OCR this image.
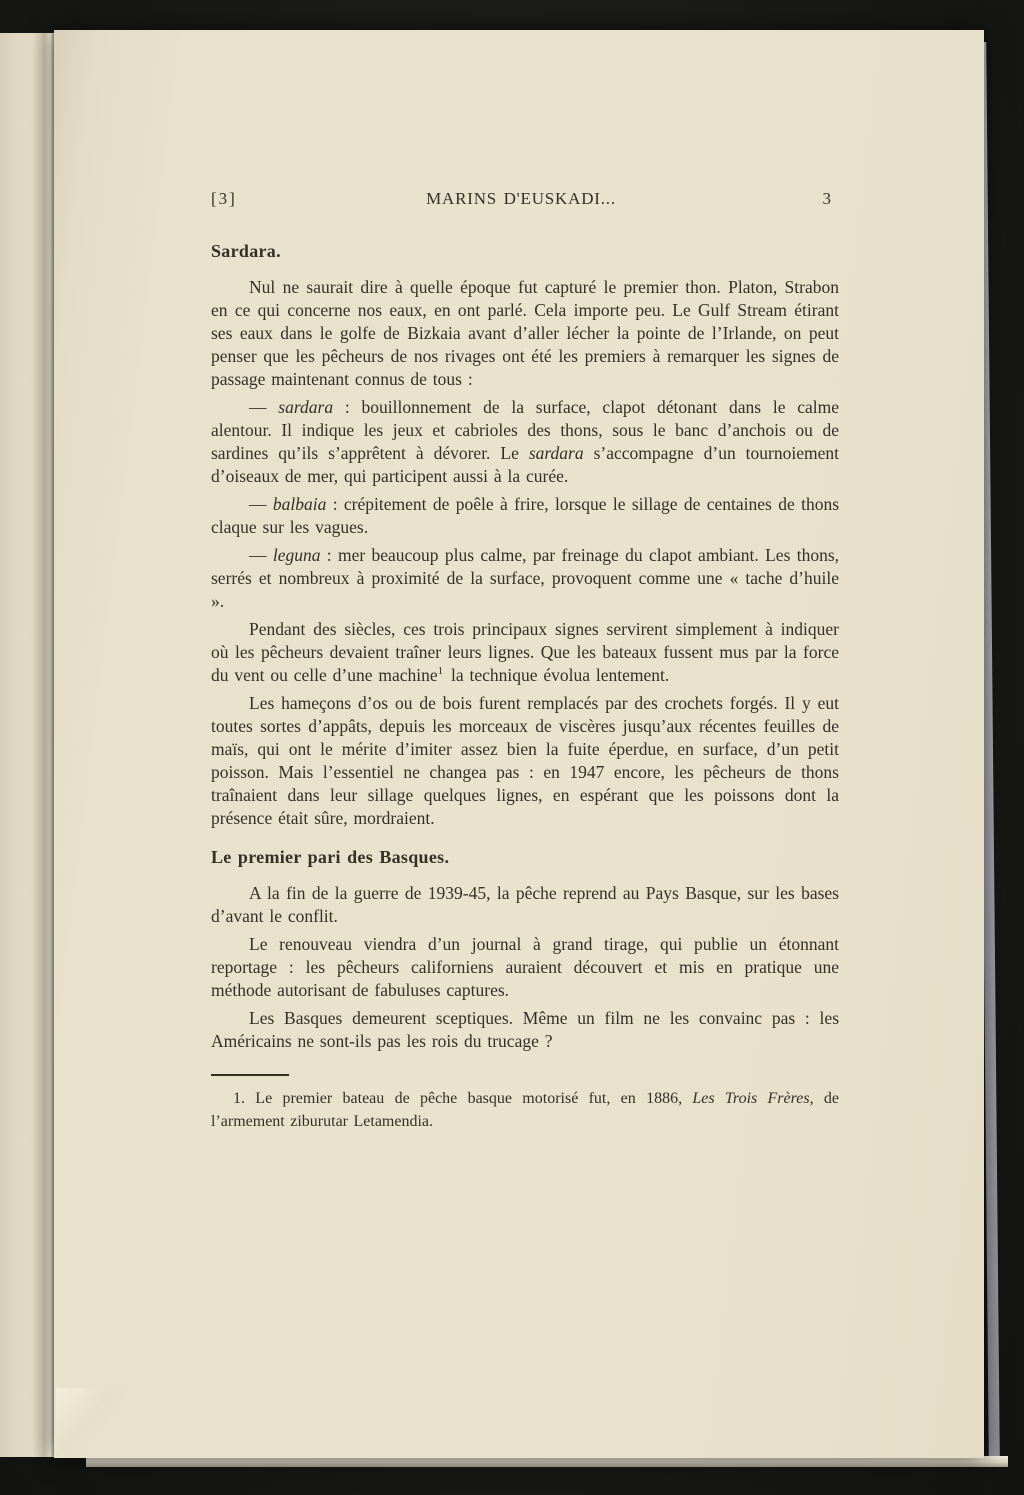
[3]	MARINS D'EUSKADI...	3
Sardara.

Nul ne saurait dire à quelle époque fut capturé le premier thon. Platon, Strabon en ce qui concerne nos eaux, en ont parlé. Cela importe peu. Le Gulf Stream étirant ses eaux dans le golfe de Bizkaia avant d’aller lécher la pointe de l’Irlande, on peut penser que les pêcheurs de nos rivages ont été les premiers à remarquer les signes de passage maintenant connus de tous :

— sardara : bouillonnement de la surface, clapot détonant dans le calme alentour. Il indique les jeux et cabrioles des thons, sous le banc d’anchois ou de sardines qu’ils s’apprêtent à dévorer. Le sardara s’accompagne d’un tournoiement d’oiseaux de mer, qui participent aussi à la curée.

— balbaia : crépitement de poêle à frire, lorsque le sillage de centaines de thons claque sur les vagues.

— leguna : mer beaucoup plus calme, par freinage du clapot ambiant. Les thons, serrés et nombreux à proximité de la surface, provoquent comme une « tache d’huile ».

Pendant des siècles, ces trois principaux signes servirent simplement à indiquer où les pêcheurs devaient traîner leurs lignes. Que les bateaux fussent mus par la force du vent ou celle d’une machine$^1$ la technique évolua lentement.

Les hameçons d’os ou de bois furent remplacés par des crochets forgés. Il y eut toutes sortes d’appâts, depuis les morceaux de viscères jusqu’aux récentes feuilles de maïs, qui ont le mérite d’imiter assez bien la fuite éperdue, en surface, d’un petit poisson. Mais l’essentiel ne changea pas : en 1947 encore, les pêcheurs de thons traînaient dans leur sillage quelques lignes, en espérant que les poissons dont la présence était sûre, mordraient.

Le premier pari des Basques.

A la fin de la guerre de 1939-45, la pêche reprend au Pays Basque, sur les bases d’avant le conflit.

Le renouveau viendra d’un journal à grand tirage, qui publie un étonnant reportage : les pêcheurs californiens auraient découvert et mis en pratique une méthode autorisant de fabuluses captures.

Les Basques demeurent sceptiques. Même un film ne les convainc pas : les Américains ne sont-ils pas les rois du trucage ?

1. Le premier bateau de pêche basque motorisé fut, en 1886, Les Trois Frères, de l’armement ziburutar Letamendia.
